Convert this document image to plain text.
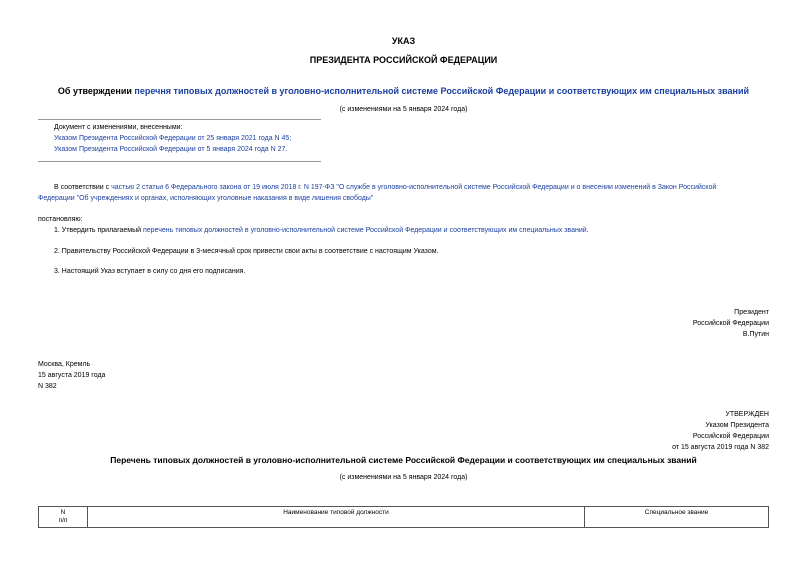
УКАЗ
ПРЕЗИДЕНТА РОССИЙСКОЙ ФЕДЕРАЦИИ
Об утверждении перечня типовых должностей в уголовно-исполнительной системе Российской Федерации и соответствующих им специальных званий
(с изменениями на 5 января 2024 года)
Документ с изменениями, внесенными:
Указом Президента Российской Федерации от 25 января 2021 года N 45;
Указом Президента Российской Федерации от 5 января 2024 года N 27.
В соответствии с частью 2 статьи 6 Федерального закона от 19 июля 2018 г. N 197-ФЗ "О службе в уголовно-исполнительной системе Российской Федерации и о внесении изменений в Закон Российской
Федерации "Об учреждениях и органах, исполняющих уголовные наказания в виде лишения свободы"
постановляю:
1. Утвердить прилагаемый перечень типовых должностей в уголовно-исполнительной системе Российской Федерации и соответствующих им специальных званий.
2. Правительству Российской Федерации в 3-месячный срок привести свои акты в соответствие с настоящим Указом.
3. Настоящий Указ вступает в силу со дня его подписания.
Президент
Российской Федерации
В.Путин
Москва, Кремль
15 августа 2019 года
N 382
УТВЕРЖДЕН
Указом Президента
Российской Федерации
от 15 августа 2019 года N 382
Перечень типовых должностей в уголовно-исполнительной системе Российской Федерации и соответствующих им специальных званий
(с изменениями на 5 января 2024 года)
N
п/п
	Наименование типовой должности	Специальное звание
